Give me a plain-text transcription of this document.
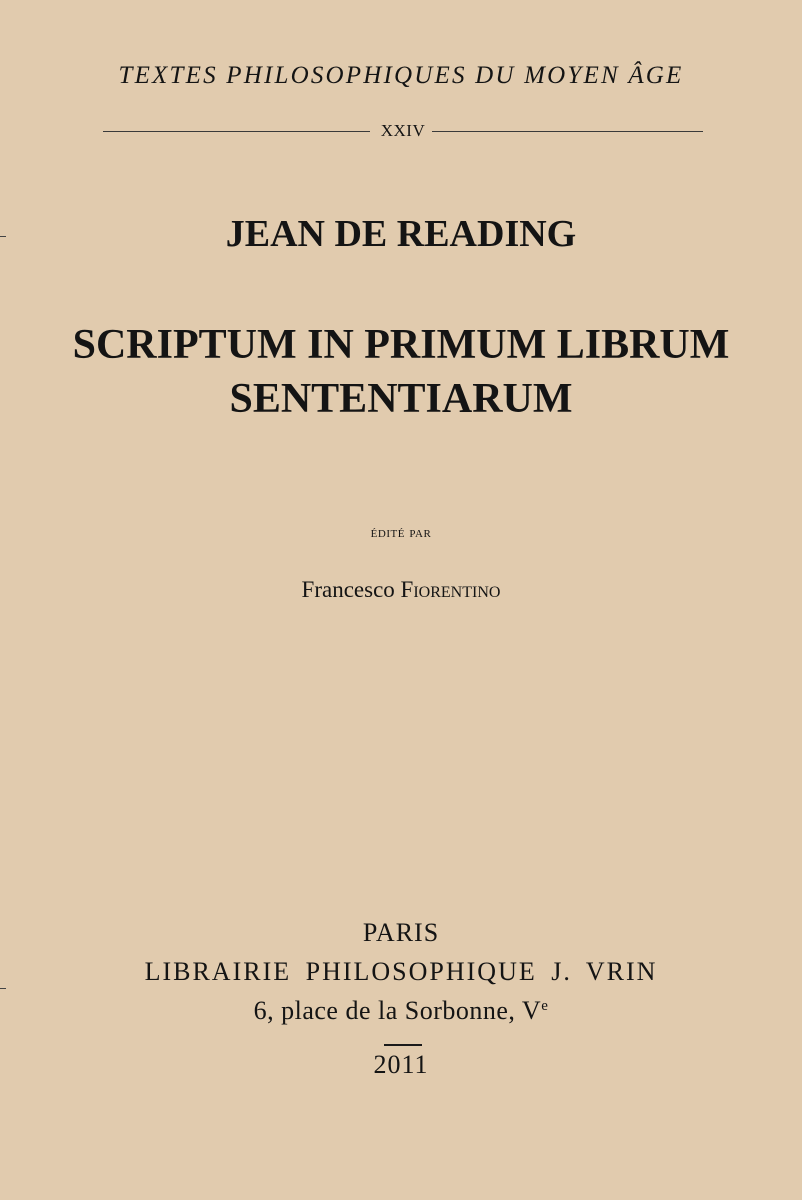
TEXTES PHILOSOPHIQUES DU MOYEN ÂGE
XXIV
JEAN DE READING
SCRIPTUM IN PRIMUM LIBRUM
SENTENTIARUM
édité par
Francesco Fiorentino
PARIS
LIBRAIRIE PHILOSOPHIQUE J. VRIN
6, place de la Sorbonne, Ve
2011
